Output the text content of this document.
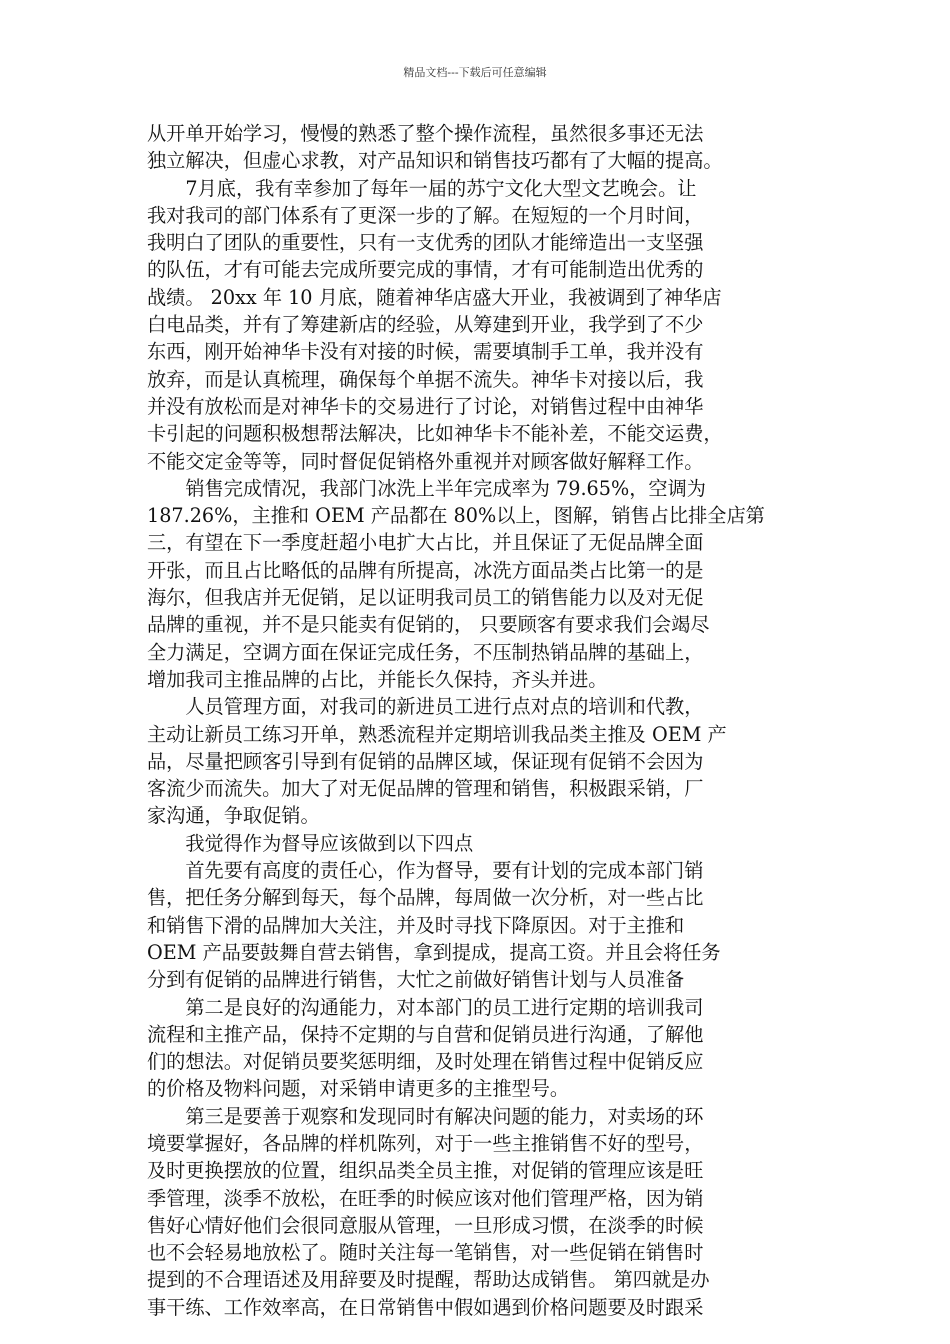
精品文档---下载后可任意编辑
从开单开始学习，慢慢的熟悉了整个操作流程，虽然很多事还无法
独立解决，但虚心求教，对产品知识和销售技巧都有了大幅的提高。
　　7月底，我有幸参加了每年一届的苏宁文化大型文艺晚会。让
我对我司的部门体系有了更深一步的了解。在短短的一个月时间，
我明白了团队的重要性，只有一支优秀的团队才能缔造出一支坚强
的队伍，才有可能去完成所要完成的事情，才有可能制造出优秀的
战绩。 20xx 年 10 月底，随着神华店盛大开业，我被调到了神华店
白电品类，并有了筹建新店的经验，从筹建到开业，我学到了不少
东西，刚开始神华卡没有对接的时候，需要填制手工单，我并没有
放弃，而是认真梳理，确保每个单据不流失。神华卡对接以后，我
并没有放松而是对神华卡的交易进行了讨论，对销售过程中由神华
卡引起的问题积极想帮法解决，比如神华卡不能补差，不能交运费，
不能交定金等等，同时督促促销格外重视并对顾客做好解释工作。
　　销售完成情况，我部门冰洗上半年完成率为 79.65%，空调为
187.26%，主推和 OEM 产品都在 80%以上，图解，销售占比排全店第
三，有望在下一季度赶超小电扩大占比，并且保证了无促品牌全面
开张，而且占比略低的品牌有所提高，冰洗方面品类占比第一的是
海尔，但我店并无促销，足以证明我司员工的销售能力以及对无促
品牌的重视，并不是只能卖有促销的， 只要顾客有要求我们会竭尽
全力满足，空调方面在保证完成任务，不压制热销品牌的基础上，
增加我司主推品牌的占比，并能长久保持，齐头并进。
　　人员管理方面，对我司的新进员工进行点对点的培训和代教，
主动让新员工练习开单，熟悉流程并定期培训我品类主推及 OEM 产
品，尽量把顾客引导到有促销的品牌区域，保证现有促销不会因为
客流少而流失。加大了对无促品牌的管理和销售，积极跟采销，厂
家沟通，争取促销。
　　我觉得作为督导应该做到以下四点
　　首先要有高度的责任心，作为督导，要有计划的完成本部门销
售，把任务分解到每天，每个品牌，每周做一次分析，对一些占比
和销售下滑的品牌加大关注，并及时寻找下降原因。对于主推和
OEM 产品要鼓舞自营去销售，拿到提成，提高工资。并且会将任务
分到有促销的品牌进行销售，大忙之前做好销售计划与人员准备
　　第二是良好的沟通能力，对本部门的员工进行定期的培训我司
流程和主推产品，保持不定期的与自营和促销员进行沟通，了解他
们的想法。对促销员要奖惩明细，及时处理在销售过程中促销反应
的价格及物料问题，对采销申请更多的主推型号。
　　第三是要善于观察和发现同时有解决问题的能力，对卖场的环
境要掌握好，各品牌的样机陈列，对于一些主推销售不好的型号，
及时更换摆放的位置，组织品类全员主推，对促销的管理应该是旺
季管理，淡季不放松，在旺季的时候应该对他们管理严格，因为销
售好心情好他们会很同意服从管理，一旦形成习惯，在淡季的时候
也不会轻易地放松了。随时关注每一笔销售，对一些促销在销售时
提到的不合理语述及用辞要及时提醒，帮助达成销售。 第四就是办
事干练、工作效率高，在日常销售中假如遇到价格问题要及时跟采
